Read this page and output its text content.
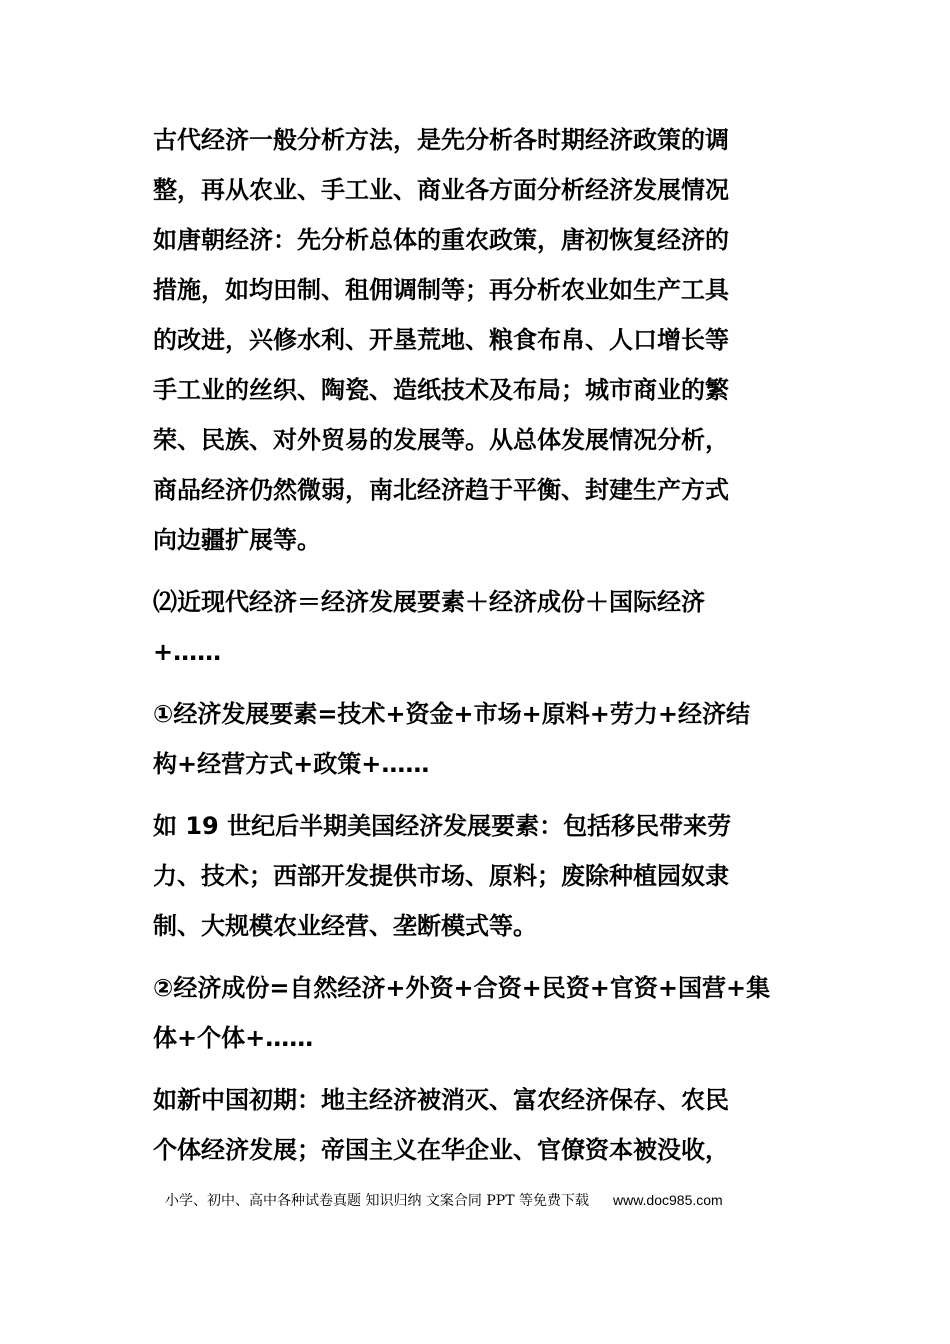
古代经济一般分析方法，是先分析各时期经济政策的调
整，再从农业、手工业、商业各方面分析经济发展情况
如唐朝经济：先分析总体的重农政策，唐初恢复经济的
措施，如均田制、租佣调制等；再分析农业如生产工具
的改进，兴修水利、开垦荒地、粮食布帛、人口增长等
手工业的丝织、陶瓷、造纸技术及布局；城市商业的繁
荣、民族、对外贸易的发展等。从总体发展情况分析，
商品经济仍然微弱，南北经济趋于平衡、封建生产方式
向边疆扩展等。
⑵近现代经济＝经济发展要素＋经济成份＋国际经济
+……
①经济发展要素=技术+资金+市场+原料+劳力+经济结
构+经营方式+政策+……
如 19 世纪后半期美国经济发展要素：包括移民带来劳
力、技术；西部开发提供市场、原料；废除种植园奴隶
制、大规模农业经营、垄断模式等。
②经济成份=自然经济+外资+合资+民资+官资+国营+集
体+个体+……
如新中国初期：地主经济被消灭、富农经济保存、农民
个体经济发展；帝国主义在华企业、官僚资本被没收，
小学、初中、高中各种试卷真题 知识归纳 文案合同 PPT 等免费下载 www.doc985.com
